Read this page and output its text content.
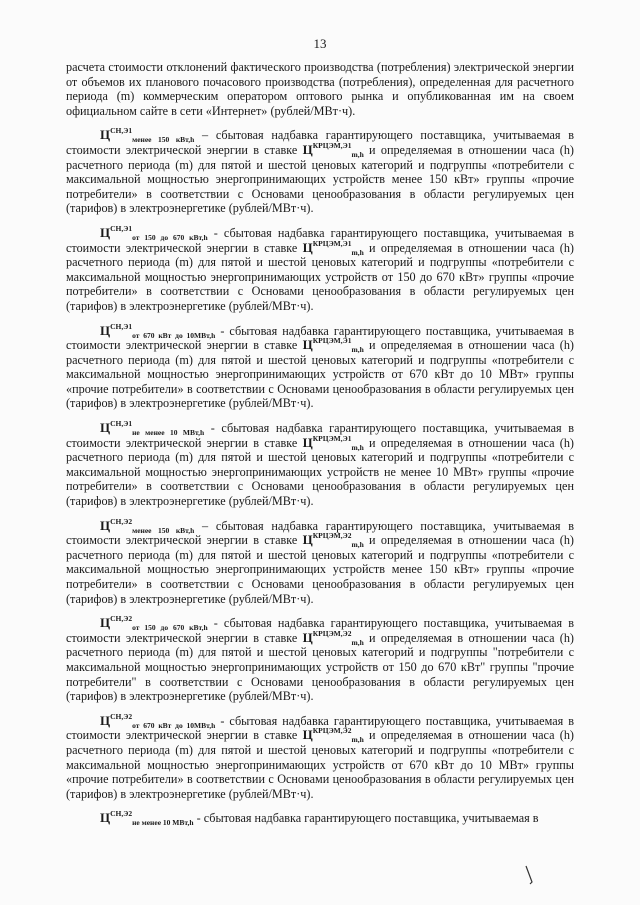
13

расчета стоимости отклонений фактического производства (потребления) электрической энергии от объемов их планового почасового производства (потребления), определенная для расчетного периода (m) коммерческим оператором оптового рынка и опубликованная им на своем официальном сайте в сети «Интернет» (рублей/МВт·ч).

$Ц^{СН,Э1}_{менее 150 кВт,h}$ – сбытовая надбавка гарантирующего поставщика, учитываемая в стоимости электрической энергии в ставке $Ц^{КРЦЭМ,Э1}_{m,h}$ и определяемая в отношении часа (h) расчетного периода (m) для пятой и шестой ценовых категорий и подгруппы «потребители с максимальной мощностью энергопринимающих устройств менее 150 кВт» группы «прочие потребители» в соответствии с Основами ценообразования в области регулируемых цен (тарифов) в электроэнергетике (рублей/МВт·ч).

$Ц^{СН,Э1}_{от 150 до 670 кВт,h}$ - сбытовая надбавка гарантирующего поставщика, учитываемая в стоимости электрической энергии в ставке $Ц^{КРЦЭМ,Э1}_{m,h}$ и определяемая в отношении часа (h) расчетного периода (m) для пятой и шестой ценовых категорий и подгруппы «потребители с максимальной мощностью энергопринимающих устройств от 150 до 670 кВт» группы «прочие потребители» в соответствии с Основами ценообразования в области регулируемых цен (тарифов) в электроэнергетике (рублей/МВт·ч).

$Ц^{СН,Э1}_{от 670 кВт до 10МВт,h}$ - сбытовая надбавка гарантирующего поставщика, учитываемая в стоимости электрической энергии в ставке $Ц^{КРЦЭМ,Э1}_{m,h}$ и определяемая в отношении часа (h) расчетного периода (m) для пятой и шестой ценовых категорий и подгруппы «потребители с максимальной мощностью энергопринимающих устройств от 670 кВт до 10 МВт» группы «прочие потребители» в соответствии с Основами ценообразования в области регулируемых цен (тарифов) в электроэнергетике (рублей/МВт·ч).

$Ц^{СН,Э1}_{не менее 10 МВт,h}$ - сбытовая надбавка гарантирующего поставщика, учитываемая в стоимости электрической энергии в ставке $Ц^{КРЦЭМ,Э1}_{m,h}$ и определяемая в отношении часа (h) расчетного периода (m) для пятой и шестой ценовых категорий и подгруппы «потребители с максимальной мощностью энергопринимающих устройств не менее 10 МВт» группы «прочие потребители» в соответствии с Основами ценообразования в области регулируемых цен (тарифов) в электроэнергетике (рублей/МВт·ч).

$Ц^{СН,Э2}_{менее 150 кВт,h}$ – сбытовая надбавка гарантирующего поставщика, учитываемая в стоимости электрической энергии в ставке $Ц^{КРЦЭМ,Э2}_{m,h}$ и определяемая в отношении часа (h) расчетного периода (m) для пятой и шестой ценовых категорий и подгруппы «потребители с максимальной мощностью энергопринимающих устройств менее 150 кВт» группы «прочие потребители» в соответствии с Основами ценообразования в области регулируемых цен (тарифов) в электроэнергетике (рублей/МВт·ч).

$Ц^{СН,Э2}_{от 150 до 670 кВт,h}$ - сбытовая надбавка гарантирующего поставщика, учитываемая в стоимости электрической энергии в ставке $Ц^{КРЦЭМ,Э2}_{m,h}$ и определяемая в отношении часа (h) расчетного периода (m) для пятой и шестой ценовых категорий и подгруппы "потребители с максимальной мощностью энергопринимающих устройств от 150 до 670 кВт" группы "прочие потребители" в соответствии с Основами ценообразования в области регулируемых цен (тарифов) в электроэнергетике (рублей/МВт·ч).

$Ц^{СН,Э2}_{от 670 кВт до 10МВт,h}$ - сбытовая надбавка гарантирующего поставщика, учитываемая в стоимости электрической энергии в ставке $Ц^{КРЦЭМ,Э2}_{m,h}$ и определяемая в отношении часа (h) расчетного периода (m) для пятой и шестой ценовых категорий и подгруппы «потребители с максимальной мощностью энергопринимающих устройств от 670 кВт до 10 МВт» группы «прочие потребители» в соответствии с Основами ценообразования в области регулируемых цен (тарифов) в электроэнергетике (рублей/МВт·ч).

$Ц^{СН,Э2}_{не менее 10 МВт,h}$ - сбытовая надбавка гарантирующего поставщика, учитываемая в
